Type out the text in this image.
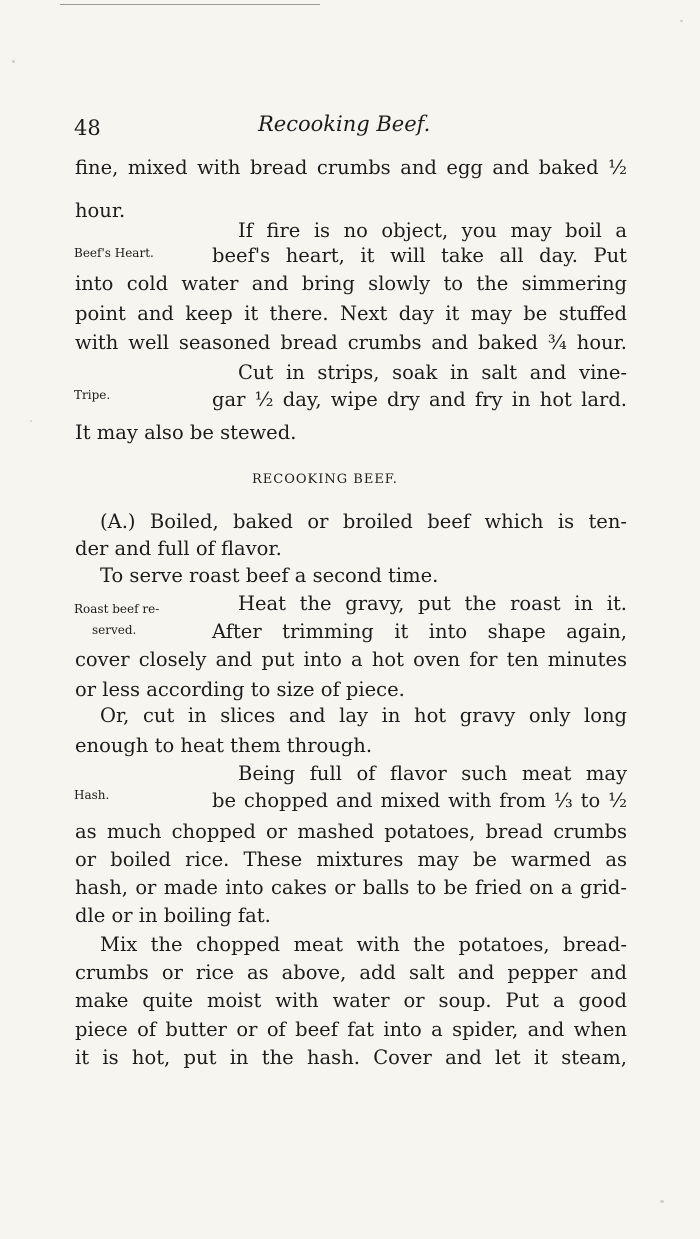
48	Recooking Beef.
fine, mixed with bread crumbs and egg and baked ½
hour.
If fire is no object, you may boil a
Beef's Heart.	beef's heart, it will take all day. Put
into cold water and bring slowly to the simmering
point and keep it there. Next day it may be stuffed
with well seasoned bread crumbs and baked ¾ hour.
Cut in strips, soak in salt and vine-
Tripe.	gar ½ day, wipe dry and fry in hot lard.
It may also be stewed.
RECOOKING BEEF.
(A.) Boiled, baked or broiled beef which is ten-
der and full of flavor.
To serve roast beef a second time.
Roast beef re-	Heat the gravy, put the roast in it.
served.	After trimming it into shape again,
cover closely and put into a hot oven for ten minutes
or less according to size of piece.
Or, cut in slices and lay in hot gravy only long
enough to heat them through.
Being full of flavor such meat may
Hash.	be chopped and mixed with from ⅓ to ½
as much chopped or mashed potatoes, bread crumbs
or boiled rice. These mixtures may be warmed as
hash, or made into cakes or balls to be fried on a grid-
dle or in boiling fat.
Mix the chopped meat with the potatoes, bread-
crumbs or rice as above, add salt and pepper and
make quite moist with water or soup. Put a good
piece of butter or of beef fat into a spider, and when
it is hot, put in the hash. Cover and let it steam,
